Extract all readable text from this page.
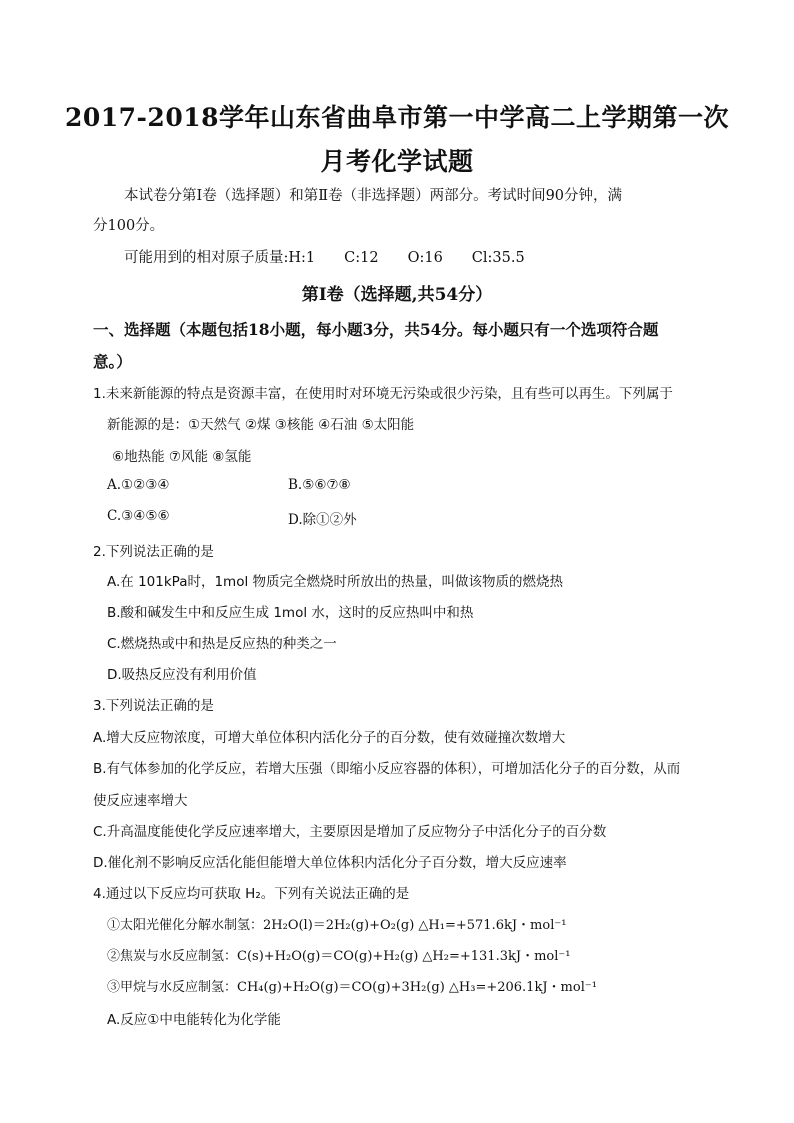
2017-2018学年山东省曲阜市第一中学高二上学期第一次
月考化学试题
本试卷分第Ⅰ卷（选择题）和第Ⅱ卷（非选择题）两部分。考试时间90分钟，满
分100分。
可能用到的相对原子质量:H:1　　C:12　　O:16　　Cl:35.5
第Ⅰ卷（选择题,共54分）
一、选择题（本题包括18小题，每小题3分，共54分。每小题只有一个选项符合题
意。）
1.未来新能源的特点是资源丰富，在使用时对环境无污染或很少污染，且有些可以再生。下列属于
新能源的是：①天然气 ②煤 ③核能 ④石油 ⑤太阳能
⑥地热能 ⑦风能 ⑧氢能
A.①②③④	B.⑤⑥⑦⑧
C.③④⑤⑥	D.除①②外
2.下列说法正确的是
A.在 101kPa时，1mol 物质完全燃烧时所放出的热量，叫做该物质的燃烧热
B.酸和碱发生中和反应生成 1mol 水，这时的反应热叫中和热
C.燃烧热或中和热是反应热的种类之一
D.吸热反应没有利用价值
3.下列说法正确的是
A.增大反应物浓度，可增大单位体积内活化分子的百分数，使有效碰撞次数增大
B.有气体参加的化学反应，若增大压强（即缩小反应容器的体积），可增加活化分子的百分数，从而
使反应速率增大
C.升高温度能使化学反应速率增大，主要原因是增加了反应物分子中活化分子的百分数
D.催化剂不影响反应活化能但能增大单位体积内活化分子百分数，增大反应速率
4.通过以下反应均可获取 H₂。下列有关说法正确的是
①太阳光催化分解水制氢：2H₂O(l)＝2H₂(g)+O₂(g) △H₁=+571.6kJ・mol⁻¹
②焦炭与水反应制氢：C(s)+H₂O(g)＝CO(g)+H₂(g) △H₂=+131.3kJ・mol⁻¹
③甲烷与水反应制氢：CH₄(g)+H₂O(g)＝CO(g)+3H₂(g) △H₃=+206.1kJ・mol⁻¹
A.反应①中电能转化为化学能
